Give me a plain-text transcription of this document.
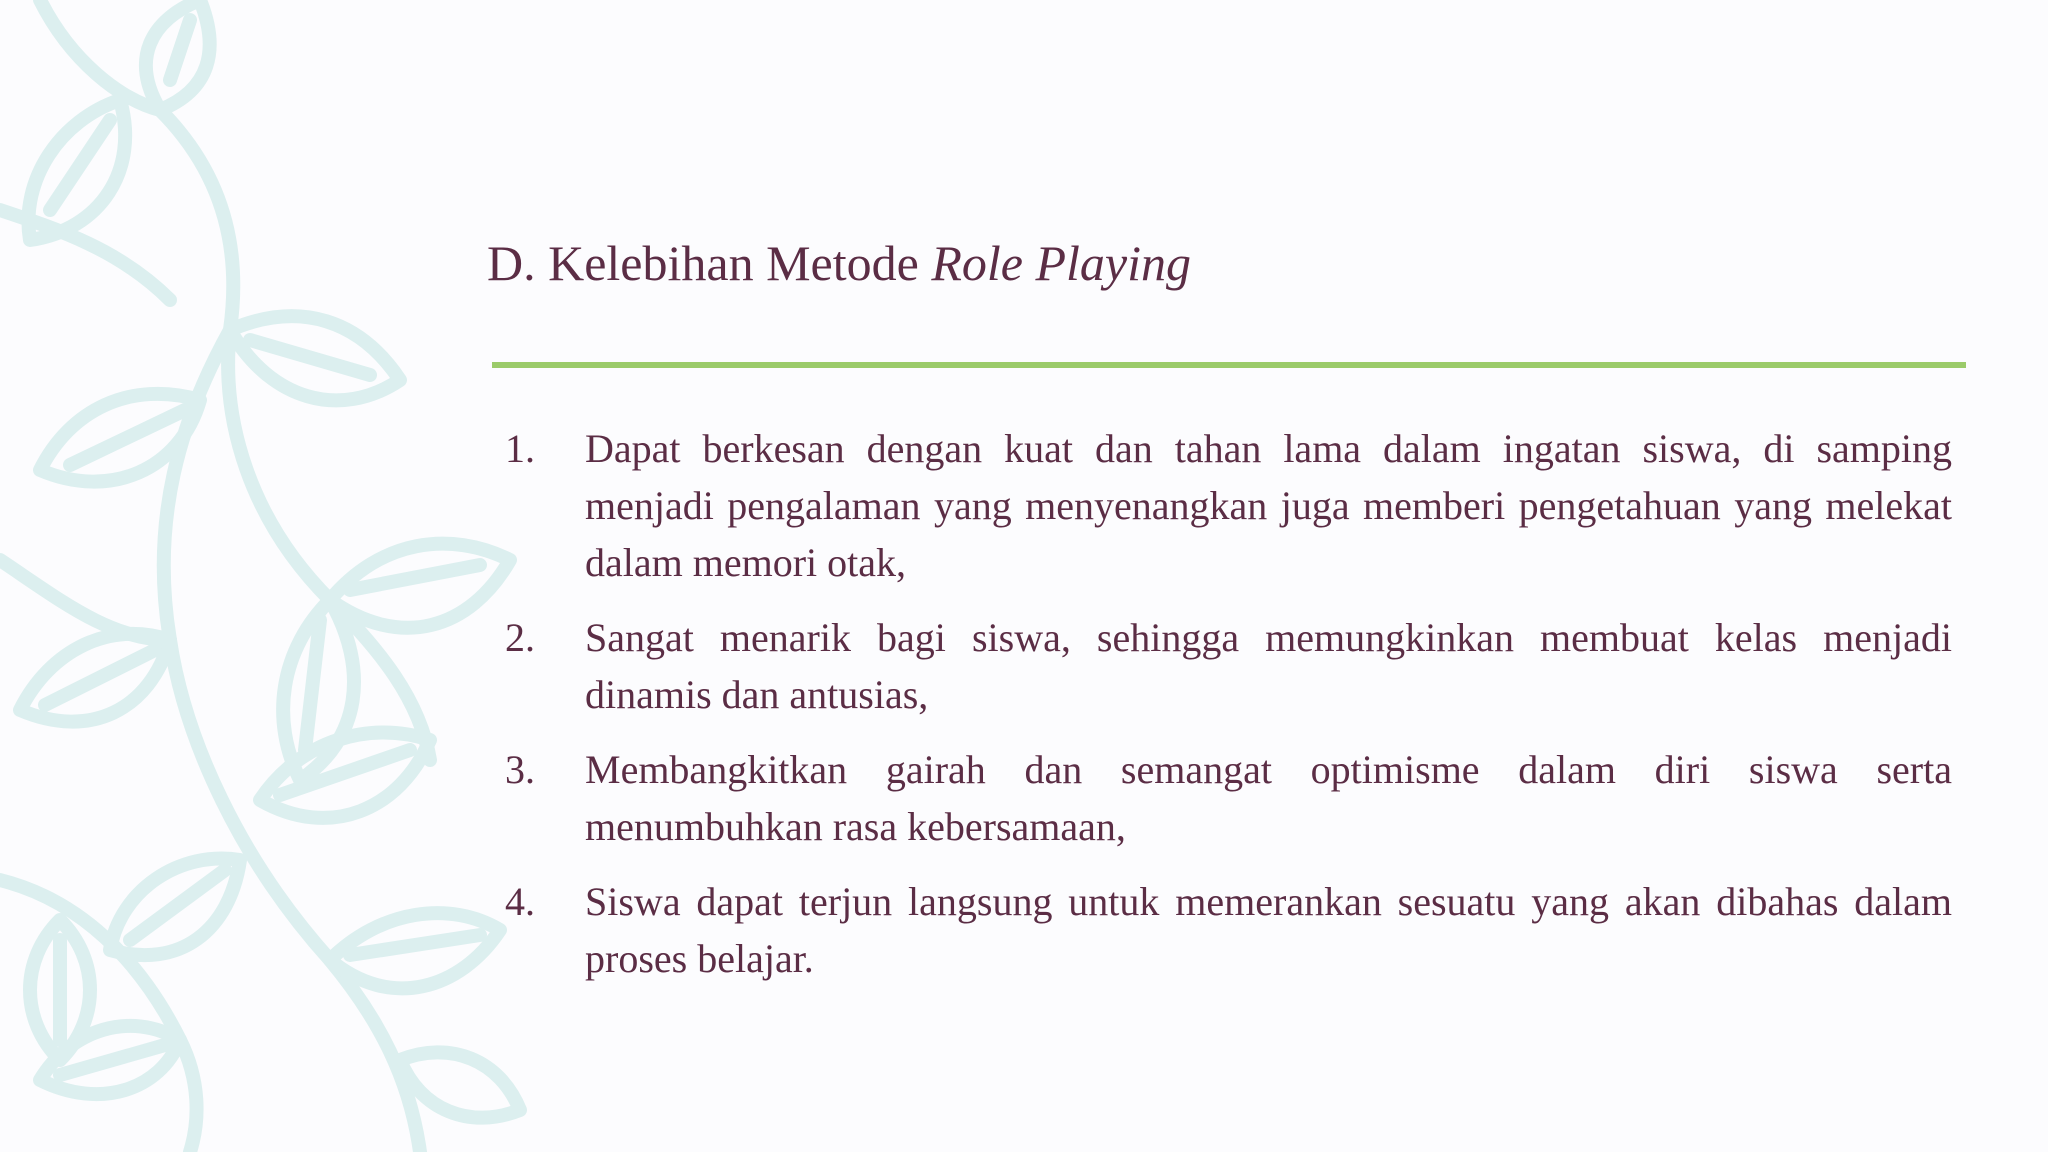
D. Kelebihan Metode Role Playing
1.	Dapat berkesan dengan kuat dan tahan lama dalam ingatan siswa, di samping menjadi pengalaman yang menyenangkan juga memberi pengetahuan yang melekat dalam memori otak,
2.	Sangat menarik bagi siswa, sehingga memungkinkan membuat kelas menjadi dinamis dan antusias,
3.	Membangkitkan gairah dan semangat optimisme dalam diri siswa serta menumbuhkan rasa kebersamaan,
4.	Siswa dapat terjun langsung untuk memerankan sesuatu yang akan dibahas dalam proses belajar.
